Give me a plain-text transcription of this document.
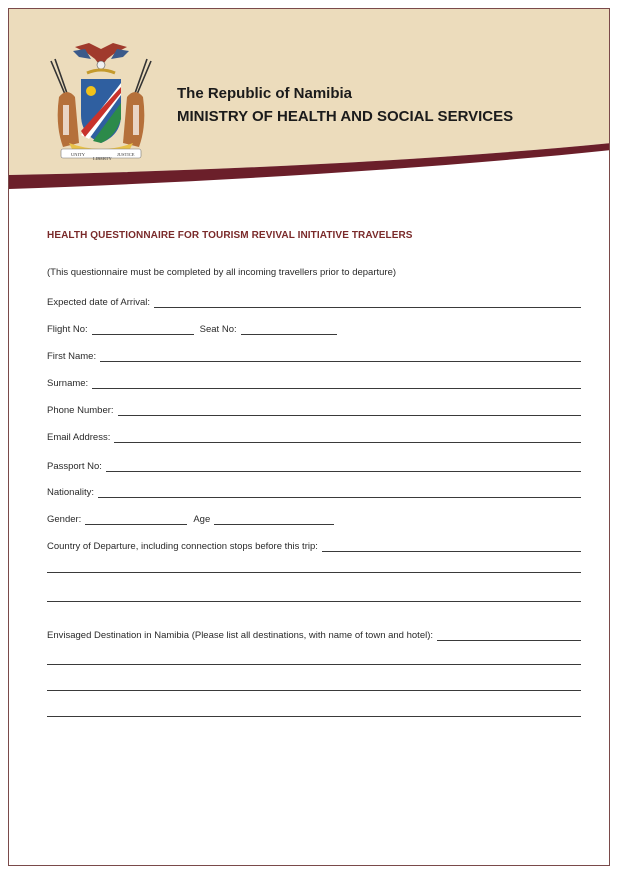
UNITY
LIBERTY
JUSTICE
The Republic of Namibia
MINISTRY OF HEALTH AND SOCIAL SERVICES
HEALTH QUESTIONNAIRE FOR TOURISM REVIVAL INITIATIVE TRAVELERS
(This questionnaire must be completed by all incoming travellers prior to departure)
Expected date of Arrival:
Flight No:	Seat No:
First Name:
Surname:
Phone Number:
Email Address:
Passport No:
Nationality:
Gender:	Age
Country of Departure, including connection stops before this trip:
Envisaged Destination in Namibia (Please list all destinations, with name of town and hotel):
